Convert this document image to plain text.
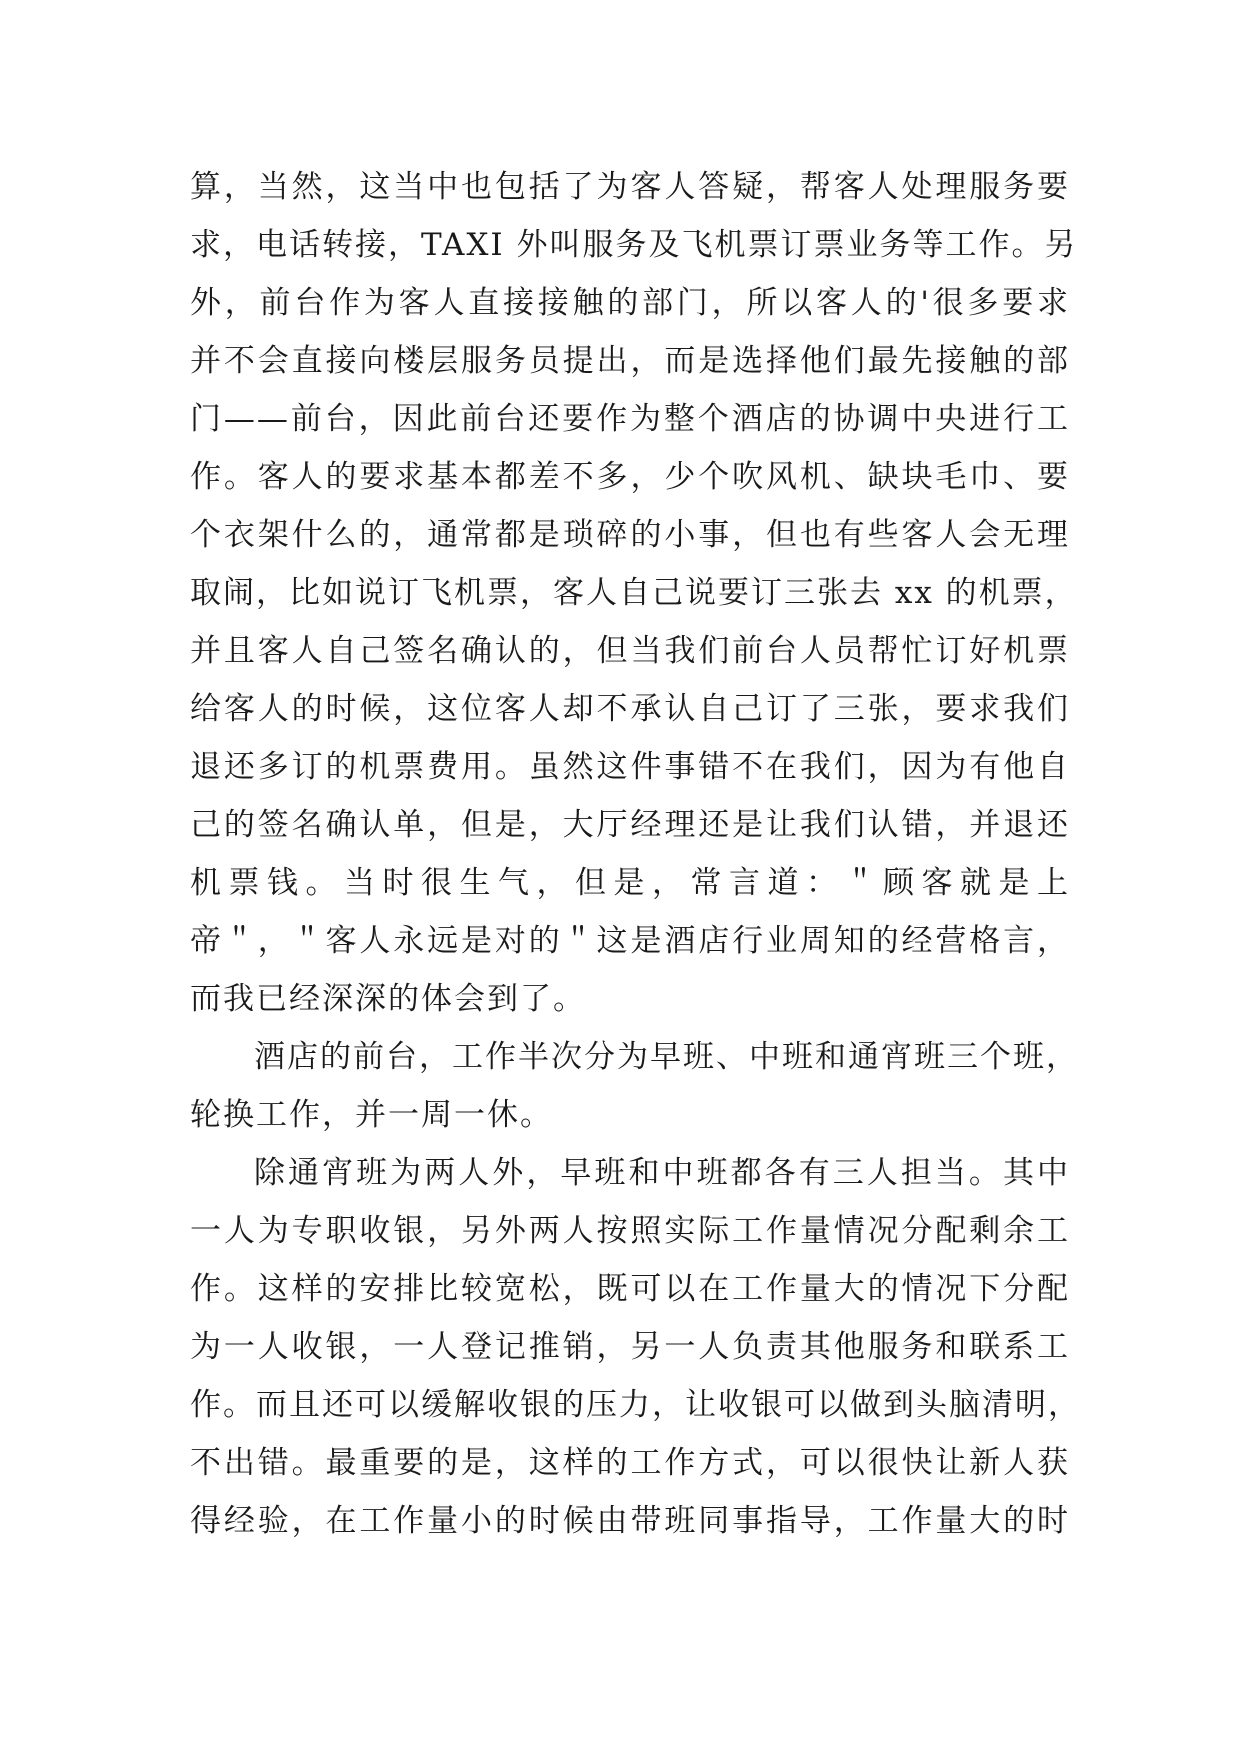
算，当然，这当中也包括了为客人答疑，帮客人处理服务要
求，电话转接，TAXI 外叫服务及飞机票订票业务等工作。另
外，前台作为客人直接接触的部门，所以客人的'很多要求
并不会直接向楼层服务员提出，而是选择他们最先接触的部
门——前台，因此前台还要作为整个酒店的协调中央进行工
作。客人的要求基本都差不多，少个吹风机、缺块毛巾、要
个衣架什么的，通常都是琐碎的小事，但也有些客人会无理
取闹，比如说订飞机票，客人自己说要订三张去 xx 的机票，
并且客人自己签名确认的，但当我们前台人员帮忙订好机票
给客人的时候，这位客人却不承认自己订了三张，要求我们
退还多订的机票费用。虽然这件事错不在我们，因为有他自
己的签名确认单，但是，大厅经理还是让我们认错，并退还
机票钱。当时很生气，但是，常言道：＂顾客就是上
帝＂，＂客人永远是对的＂这是酒店行业周知的经营格言，
而我已经深深的体会到了。
酒店的前台，工作半次分为早班、中班和通宵班三个班，
轮换工作，并一周一休。
除通宵班为两人外，早班和中班都各有三人担当。其中
一人为专职收银，另外两人按照实际工作量情况分配剩余工
作。这样的安排比较宽松，既可以在工作量大的情况下分配
为一人收银，一人登记推销，另一人负责其他服务和联系工
作。而且还可以缓解收银的压力，让收银可以做到头脑清明，
不出错。最重要的是，这样的工作方式，可以很快让新人获
得经验，在工作量小的时候由带班同事指导，工作量大的时
